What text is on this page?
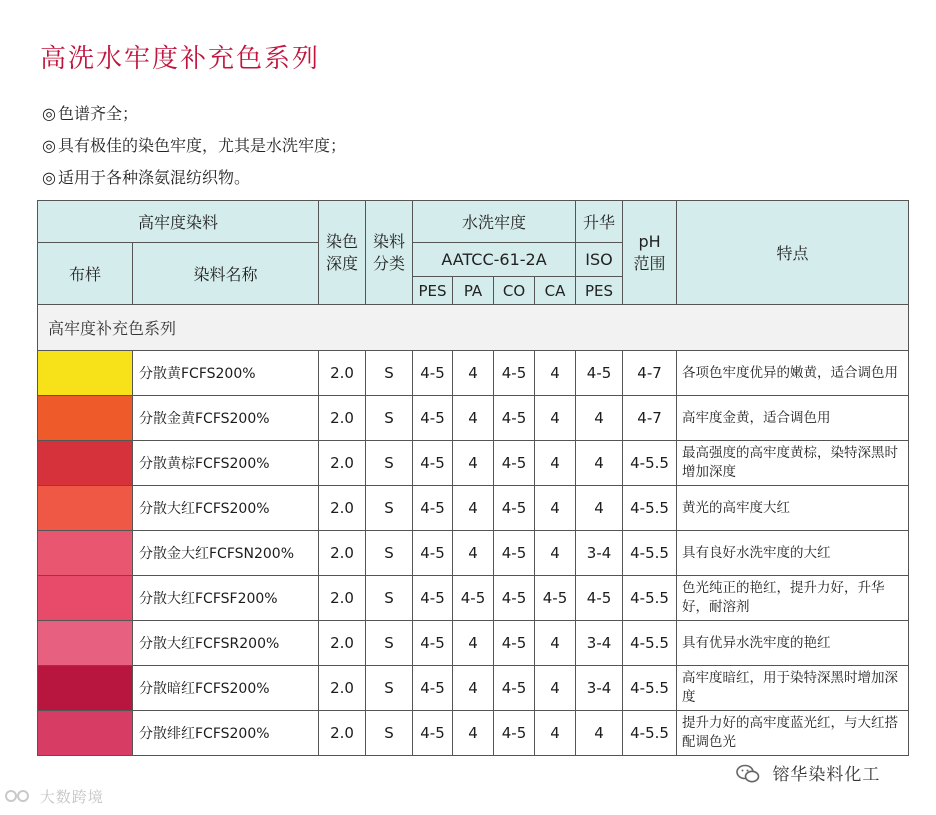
高洗水牢度补充色系列
◎ 色谱齐全；
◎ 具有极佳的染色牢度，尤其是水洗牢度；
◎ 适用于各种涤氨混纺织物。
高牢度染料		染色深度	染料分类	水洗牢度				升华	pH范围	特点
布样	染料名称			AATCC-61-2A				ISO		
				PES	PA	CO	CA	PES		
高牢度补充色系列										

	分散黄FCFS200%	2.0	S	4-5	4	4-5	4	4-5	4-7	各项色牢度优异的嫩黄，适合调色用

	分散金黄FCFS200%	2.0	S	4-5	4	4-5	4	4	4-7	高牢度金黄，适合调色用

	分散黄棕FCFS200%	2.0	S	4-5	4	4-5	4	4	4-5.5	最高强度的高牢度黄棕，染特深黑时增加深度

	分散大红FCFS200%	2.0	S	4-5	4	4-5	4	4	4-5.5	黄光的高牢度大红

	分散金大红FCFSN200%	2.0	S	4-5	4	4-5	4	3-4	4-5.5	具有良好水洗牢度的大红

	分散大红FCFSF200%	2.0	S	4-5	4-5	4-5	4-5	4-5	4-5.5	色光纯正的艳红，提升力好，升华好，耐溶剂

	分散大红FCFSR200%	2.0	S	4-5	4	4-5	4	3-4	4-5.5	具有优异水洗牢度的艳红

	分散暗红FCFS200%	2.0	S	4-5	4	4-5	4	3-4	4-5.5	高牢度暗红，用于染特深黑时增加深度

	分散绯红FCFS200%	2.0	S	4-5	4	4-5	4	4	4-5.5	提升力好的高牢度蓝光红，与大红搭配调色光
大数跨境
镕华染料化工
